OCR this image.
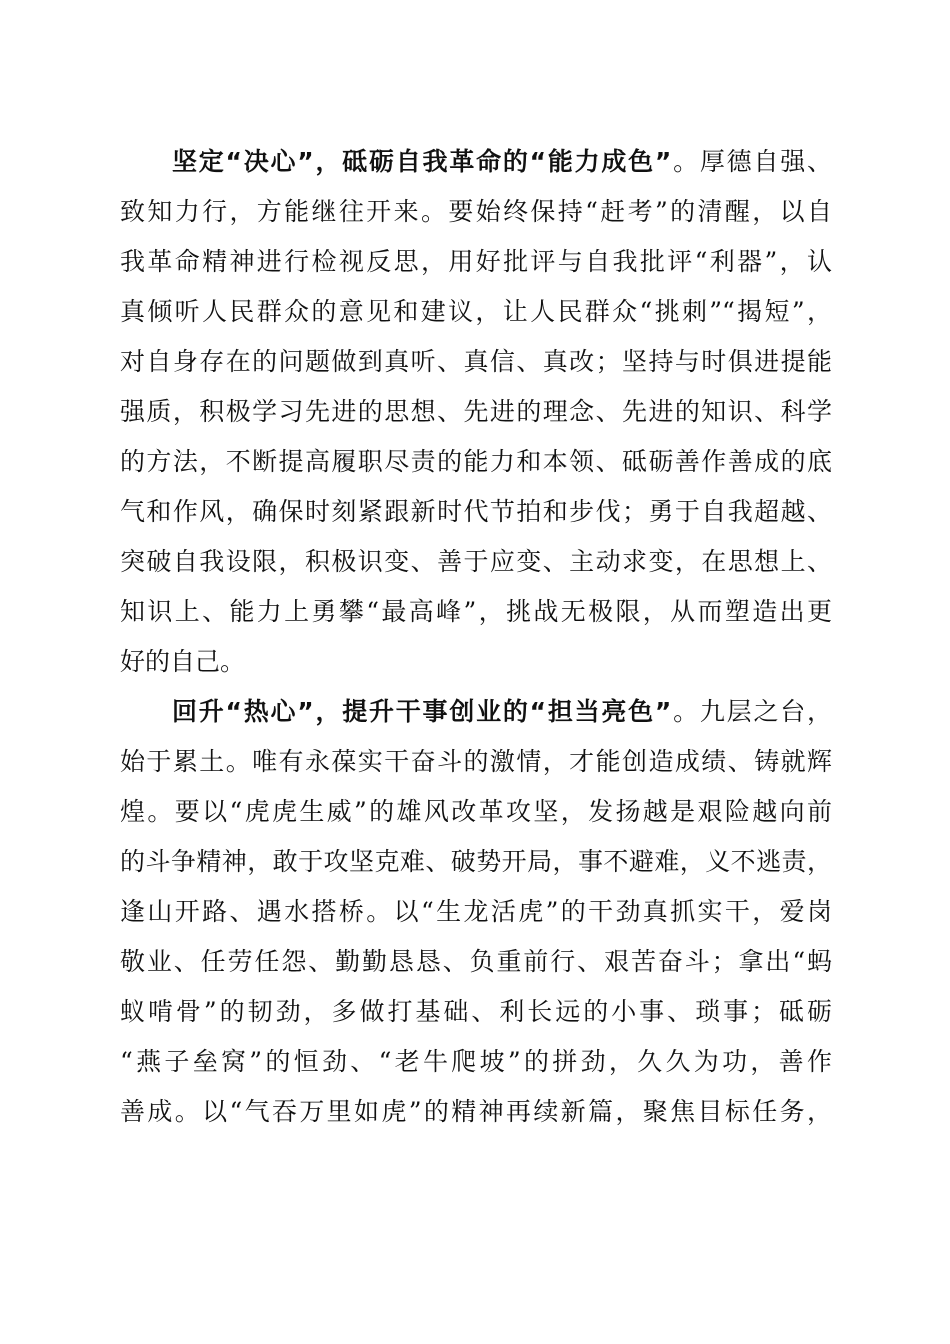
坚定“决心”，砥砺自我革命的“能力成色”。厚德自强、
致知力行，方能继往开来。要始终保持“赶考”的清醒，以自
我革命精神进行检视反思，用好批评与自我批评“利器”，认
真倾听人民群众的意见和建议，让人民群众“挑刺”“揭短”，
对自身存在的问题做到真听、真信、真改；坚持与时俱进提能
强质，积极学习先进的思想、先进的理念、先进的知识、科学
的方法，不断提高履职尽责的能力和本领、砥砺善作善成的底
气和作风，确保时刻紧跟新时代节拍和步伐；勇于自我超越、
突破自我设限，积极识变、善于应变、主动求变，在思想上、
知识上、能力上勇攀“最高峰”，挑战无极限，从而塑造出更
好的自己。
回升“热心”，提升干事创业的“担当亮色”。九层之台，
始于累土。唯有永葆实干奋斗的激情，才能创造成绩、铸就辉
煌。要以“虎虎生威”的雄风改革攻坚，发扬越是艰险越向前
的斗争精神，敢于攻坚克难、破势开局，事不避难，义不逃责，
逢山开路、遇水搭桥。以“生龙活虎”的干劲真抓实干，爱岗
敬业、任劳任怨、勤勤恳恳、负重前行、艰苦奋斗；拿出“蚂
蚁啃骨”的韧劲，多做打基础、利长远的小事、琐事；砥砺
“燕子垒窝”的恒劲、“老牛爬坡”的拼劲，久久为功，善作
善成。以“气吞万里如虎”的精神再续新篇，聚焦目标任务，
